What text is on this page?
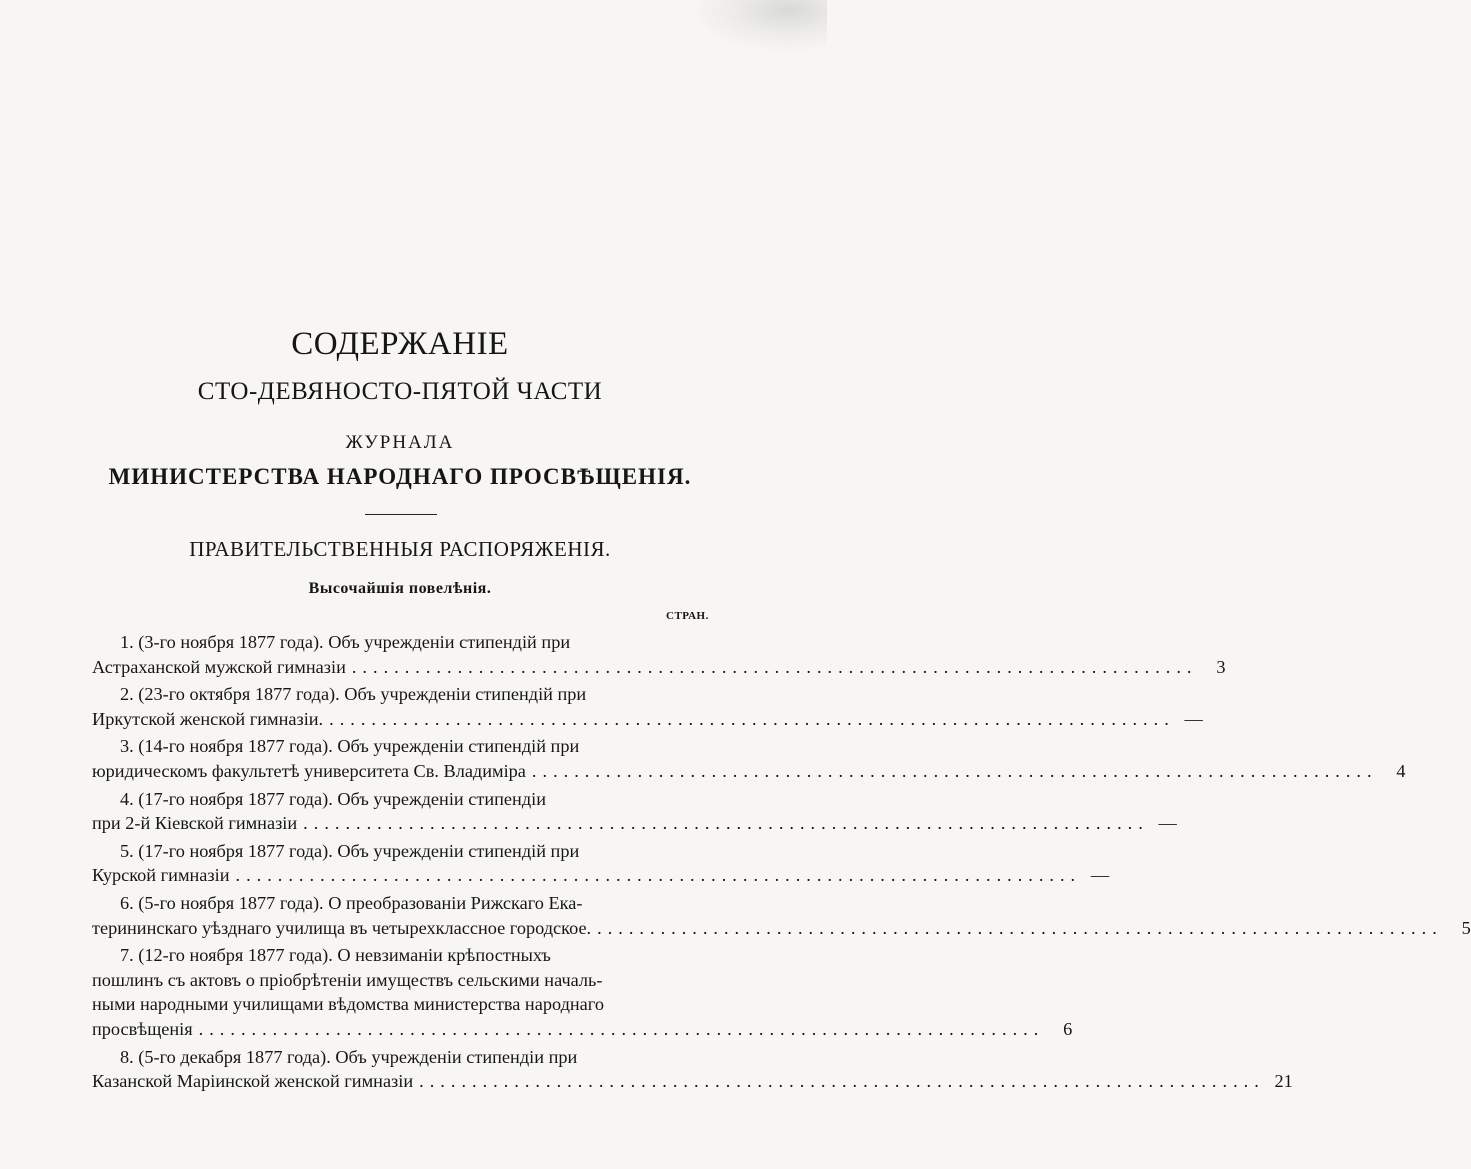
СОДЕРЖАНІЕ
СТО-ДЕВЯНОСТО-ПЯТОЙ ЧАСТИ
ЖУРНАЛА
МИНИСТЕРСТВА НАРОДНАГО ПРОСВѢЩЕНІЯ.
ПРАВИТЕЛЬСТВЕННЫЯ РАСПОРЯЖЕНІЯ.
Высочайшія повелѣнія.
СТРАН.
1. (3-го ноября 1877 года). Объ учрежденіи стипендій при
Астраханской мужской гимназіи ................................................................................	3
2. (23-го октября 1877 года). Объ учрежденіи стипендій при
Иркутской женской гимназіи. ................................................................................ —
3. (14-го ноября 1877 года). Объ учрежденіи стипендій при
юридическомъ факультетѣ университета Св. Владиміра ................................................................................	4
4. (17-го ноября 1877 года). Объ учрежденіи стипендіи
при 2-й Кіевской гимназіи ................................................................................ —
5. (17-го ноября 1877 года). Объ учрежденіи стипендій при
Курской гимназіи ................................................................................ —
6. (5-го ноября 1877 года). О преобразованіи Рижскаго Ека-
терининскаго уѣзднаго училища въ четырехклассное городское. ................................................................................	5
7. (12-го ноября 1877 года). О невзиманіи крѣпостныхъ
пошлинъ съ актовъ о пріобрѣтеніи имуществъ сельскими началь-
ными народными училищами вѣдомства министерства народнаго
просвѣщенія ................................................................................	6
8. (5-го декабря 1877 года). Объ учрежденіи стипендіи при
Казанской Маріинской женской гимназіи ................................................................................ 21
